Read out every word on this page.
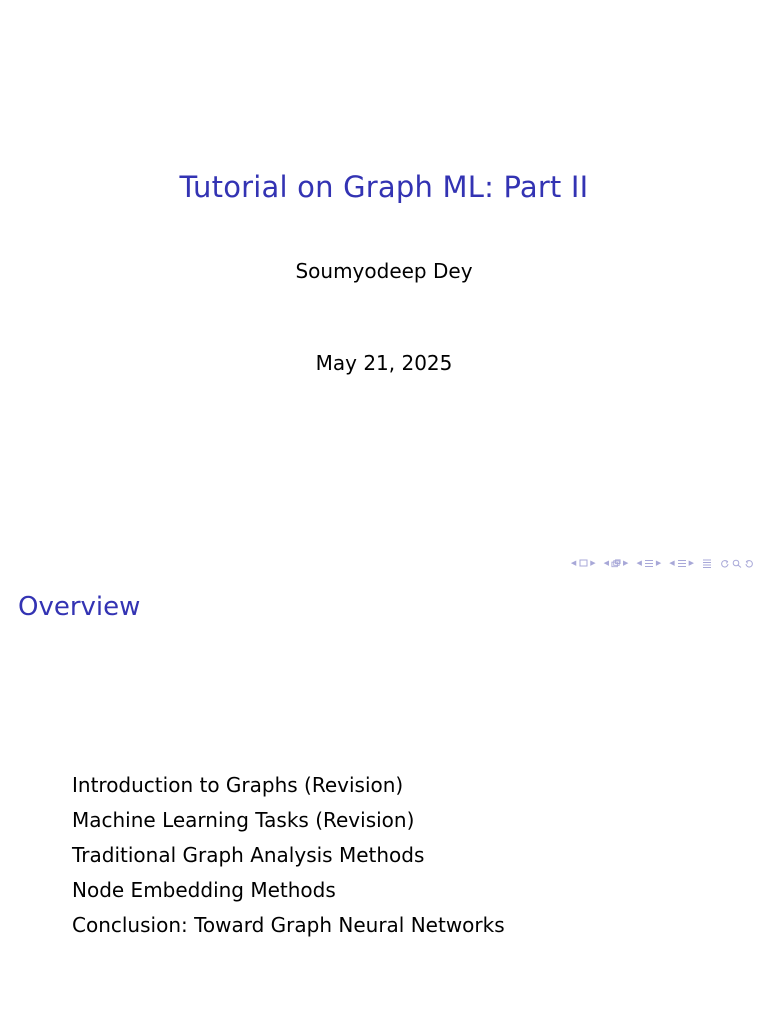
Tutorial on Graph ML: Part II
Soumyodeep Dey
May 21, 2025
◀ ▶ ◀ ▶ ◀ ▶ ◀ ▶
Overview
Introduction to Graphs (Revision)
Machine Learning Tasks (Revision)
Traditional Graph Analysis Methods
Node Embedding Methods
Conclusion: Toward Graph Neural Networks
